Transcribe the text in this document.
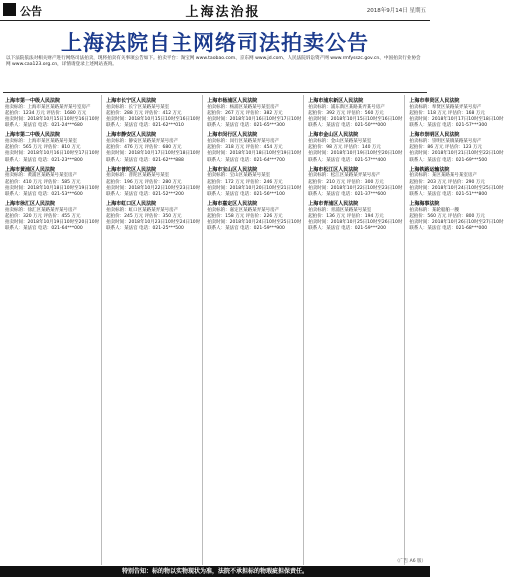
公告	上海法治报	2018年9月14日 星期五
上海法院自主网络司法拍卖公告
以下法院依法对相关财产进行网络司法拍卖，现将拍卖有关事项公告如下。拍卖平台：淘宝网 www.taobao.com、京东网 www.jd.com、人民法院诉讼资产网 www.rmfysszc.gov.cn、中国拍卖行业协会网 www.caa123.org.cn，详情请登录上述网站查询。
上海市第一中级人民法院
拍卖标的：上海市某区某路某弄某号室房产
起拍价：1234 万元 评估价：1680 万元
拍卖时间：2018年10月15日10时至16日10时
联系人：某法官 电话：021-24***680
上海市第二中级人民法院
拍卖标的：上海市某区某路某号某室
起拍价：565 万元 评估价：810 万元
拍卖时间：2018年10月16日10时至17日10时
联系人：某法官 电话：021-23***800
上海市黄浦区人民法院
拍卖标的：黄浦区某路某号某室房产
起拍价：410 万元 评估价：585 万元
拍卖时间：2018年10月18日10时至19日10时
联系人：某法官 电话：021-53***600
上海市徐汇区人民法院
拍卖标的：徐汇区某路某弄某号房产
起拍价：320 万元 评估价：455 万元
拍卖时间：2018年10月19日10时至20日10时
联系人：某法官 电话：021-64***000
上海市长宁区人民法院
拍卖标的：长宁区某路某号某室
起拍价：288 万元 评估价：412 万元
拍卖时间：2018年10月15日10时至16日10时
联系人：某法官 电话：021-62***010
上海市静安区人民法院
拍卖标的：静安区某路某弄某号房产
起拍价：476 万元 评估价：680 万元
拍卖时间：2018年10月17日10时至18日10时
联系人：某法官 电话：021-62***888
上海市普陀区人民法院
拍卖标的：普陀区某路某号某室
起拍价：196 万元 评估价：280 万元
拍卖时间：2018年10月22日10时至23日10时
联系人：某法官 电话：021-52***200
上海市虹口区人民法院
拍卖标的：虹口区某路某弄某号房产
起拍价：245 万元 评估价：350 万元
拍卖时间：2018年10月23日10时至24日10时
联系人：某法官 电话：021-25***500
上海市杨浦区人民法院
拍卖标的：杨浦区某路某号某室房产
起拍价：267 万元 评估价：382 万元
拍卖时间：2018年10月16日10时至17日10时
联系人：某法官 电话：021-65***300
上海市闵行区人民法院
拍卖标的：闵行区某路某弄某号房产
起拍价：318 万元 评估价：454 万元
拍卖时间：2018年10月18日10时至19日10时
联系人：某法官 电话：021-64***700
上海市宝山区人民法院
拍卖标的：宝山区某路某号某室
起拍价：172 万元 评估价：246 万元
拍卖时间：2018年10月20日10时至21日10时
联系人：某法官 电话：021-56***100
上海市嘉定区人民法院
拍卖标的：嘉定区某路某弄某号房产
起拍价：158 万元 评估价：226 万元
拍卖时间：2018年10月24日10时至25日10时
联系人：某法官 电话：021-59***900
上海市浦东新区人民法院
拍卖标的：浦东新区某路某弄某号房产
起拍价：392 万元 评估价：560 万元
拍卖时间：2018年10月15日10时至16日10时
联系人：某法官 电话：021-50***000
上海市金山区人民法院
拍卖标的：金山区某路某号某室
起拍价：98 万元 评估价：140 万元
拍卖时间：2018年10月19日10时至20日10时
联系人：某法官 电话：021-57***400
上海市松江区人民法院
拍卖标的：松江区某路某弄某号房产
起拍价：210 万元 评估价：300 万元
拍卖时间：2018年10月22日10时至23日10时
联系人：某法官 电话：021-37***600
上海市青浦区人民法院
拍卖标的：青浦区某路某号某室
起拍价：136 万元 评估价：194 万元
拍卖时间：2018年10月25日10时至26日10时
联系人：某法官 电话：021-59***200
上海市奉贤区人民法院
拍卖标的：奉贤区某路某弄某号房产
起拍价：118 万元 评估价：168 万元
拍卖时间：2018年10月17日10时至18日10时
联系人：某法官 电话：021-57***300
上海市崇明区人民法院
拍卖标的：崇明区某镇某路某号房产
起拍价：86 万元 评估价：123 万元
拍卖时间：2018年10月21日10时至22日10时
联系人：某法官 电话：021-69***500
上海铁路运输法院
拍卖标的：某区某路某号某室房产
起拍价：203 万元 评估价：290 万元
拍卖时间：2018年10月24日10时至25日10时
联系人：某法官 电话：021-51***800
上海海事法院
拍卖标的：某轮船舶一艘
起拍价：560 万元 评估价：800 万元
拍卖时间：2018年10月26日10时至27日10时
联系人：某法官 电话：021-68***000
（广告 A6 版）
特别告知：标的物以实物现状为准，法院不承担标的物瑕疵担保责任。
